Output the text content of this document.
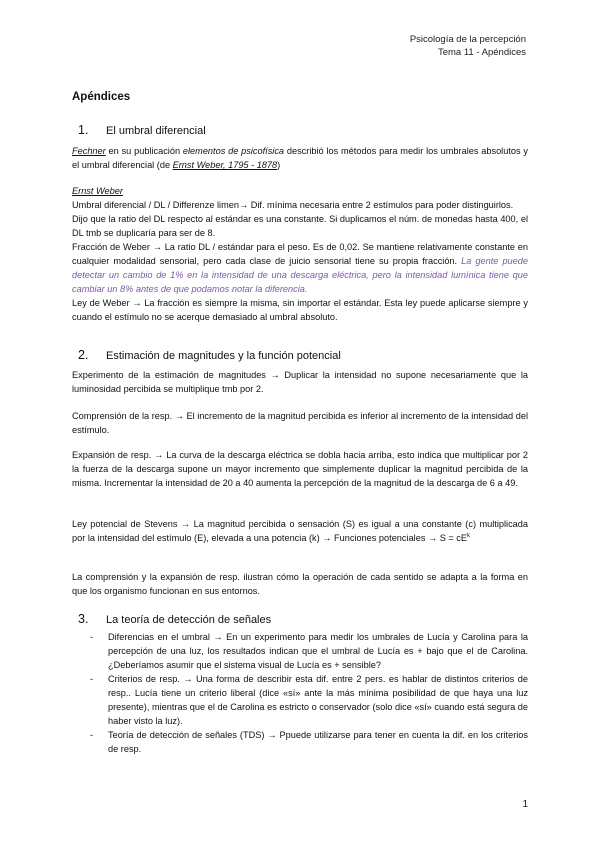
Psicología de la percepción
Tema 11 - Apéndices
Apéndices
1.	El umbral diferencial
Fechner en su publicación elementos de psicofísica describió los métodos para medir los umbrales absolutos y el umbral diferencial (de Ernst Weber, 1795 - 1878)
Ernst Weber
Umbral diferencial / DL / Differenze limen→ Dif. mínima necesaria entre 2 estímulos para poder distinguirlos.
Dijo que la ratio del DL respecto al estándar es una constante. Si duplicamos el núm. de monedas hasta 400, el DL tmb se duplicaría para ser de 8.
Fracción de Weber → La ratio DL / estándar para el peso. Es de 0,02. Se mantiene relativamente constante en cualquier modalidad sensorial, pero cada clase de juicio sensorial tiene su propia fracción. La gente puede detectar un cambio de 1% en la intensidad de una descarga eléctrica, pero la intensidad lumínica tiene que cambiar un 8% antes de que podamos notar la diferencia.
Ley de Weber → La fracción es siempre la misma, sin importar el estándar. Esta ley puede aplicarse siempre y cuando el estímulo no se acerque demasiado al umbral absoluto.
2.	Estimación de magnitudes y la función potencial
Experimento de la estimación de magnitudes → Duplicar la intensidad no supone necesariamente que la luminosidad percibida se multiplique tmb por 2.
Comprensión de la resp. → El incremento de la magnitud percibida es inferior al incremento de la intensidad del estímulo.
Expansión de resp. → La curva de la descarga eléctrica se dobla hacia arriba, esto indica que multiplicar por 2 la fuerza de la descarga supone un mayor incremento que simplemente duplicar la magnitud percibida de la misma. Incrementar la intensidad de 20 a 40 aumenta la percepción de la magnitud de la descarga de 6 a 49.
Ley potencial de Stevens → La magnitud percibida o sensación (S) es igual a una constante (c) multiplicada por la intensidad del estímulo (E), elevada a una potencia (k) → Funciones potenciales → $S = cE^k$
La comprensión y la expansión de resp. ilustran cómo la operación de cada sentido se adapta a la forma en que los organismo funcionan en sus entornos.
3.	La teoría de detección de señales
-	Diferencias en el umbral → En un experimento para medir los umbrales de Lucía y Carolina para la percepción de una luz, los resultados indican que el umbral de Lucía es + bajo que el de Carolina. ¿Deberíamos asumir que el sistema visual de Lucía es + sensible?
-	Criterios de resp. → Una forma de describir esta dif. entre 2 pers. es hablar de distintos criterios de resp.. Lucía tiene un criterio liberal (dice «sí» ante la más mínima posibilidad de que haya una luz presente), mientras que el de Carolina es estricto o conservador (solo dice «sí» cuando está segura de haber visto la luz).
-	Teoría de detección de señales (TDS) → Ppuede utilizarse para tener en cuenta la dif. en los criterios de resp.
1
